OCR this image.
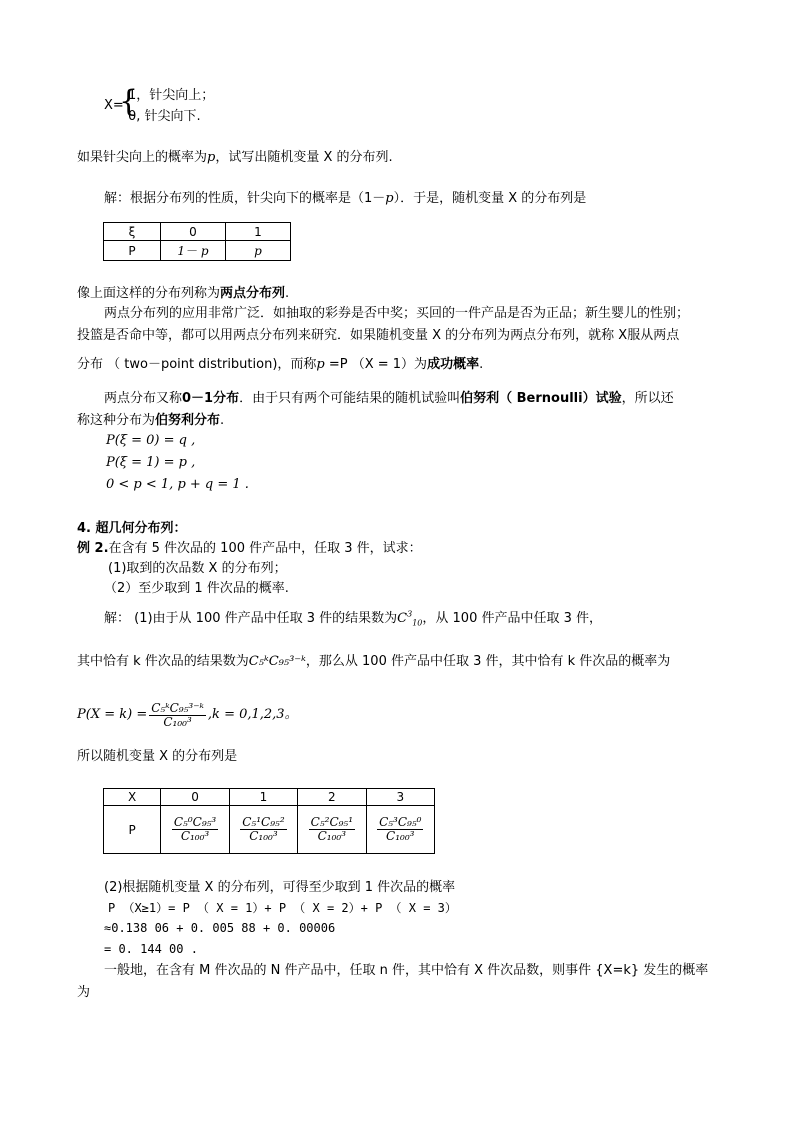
X=
{
1，针尖向上；
0, 针尖向下.
如果针尖向上的概率为p，试写出随机变量 X 的分布列.
解：根据分布列的性质，针尖向下的概率是（1－p）．于是，随机变量 X 的分布列是
ξ	0	1
P	1－ p	p
像上面这样的分布列称为两点分布列.
两点分布列的应用非常广泛．如抽取的彩券是否中奖；买回的一件产品是否为正品；新生婴儿的性别；
投篮是否命中等，都可以用两点分布列来研究．如果随机变量 X 的分布列为两点分布列，就称 X服从两点
分布 （ two－point distribution)，而称p =P （X = 1）为成功概率.
两点分布又称0－1分布．由于只有两个可能结果的随机试验叫伯努利（ Bernoulli）试验，所以还
称这种分布为伯努利分布.
P(ξ = 0) = q ,
P(ξ = 1) = p ,
0 < p < 1, p + q = 1 .
4. 超几何分布列：
例 2.在含有 5 件次品的 100 件产品中，任取 3 件，试求：
(1)取到的次品数 X 的分布列；
（2）至少取到 1 件次品的概率.
解： (1)由于从 100 件产品中任取 3 件的结果数为$C^3_{10}$，从 100 件产品中任取 3 件，
其中恰有 k 件次品的结果数为C₅ᵏC₉₅³⁻ᵏ，那么从 100 件产品中任取 3 件，其中恰有 k 件次品的概率为
$P(X = k) = \frac{\text{C₅ᵏC₉₅³⁻ᵏ}}{\text{C₁₀₀³}} ,k = 0,1,2,3$。
所以随机变量 X 的分布列是
X	0	1	2	3
P	$\frac{\text{C₅⁰C₉₅³}}{\text{C₁₀₀³}}$	$\frac{\text{C₅¹C₉₅²}}{\text{C₁₀₀³}}$	$\frac{\text{C₅²C₉₅¹}}{\text{C₁₀₀³}}$	$\frac{\text{C₅³C₉₅⁰}}{\text{C₁₀₀³}}$
(2)根据随机变量 X 的分布列，可得至少取到 1 件次品的概率
P （X≥1）= P （ X = 1）+ P （ X = 2）+ P （ X = 3）
≈0.138 06 + 0. 005 88 + 0. 00006
= 0. 144 00 .
一般地，在含有 M 件次品的 N 件产品中，任取 n 件，其中恰有 X 件次品数，则事件 {X=k} 发生的概率
为
